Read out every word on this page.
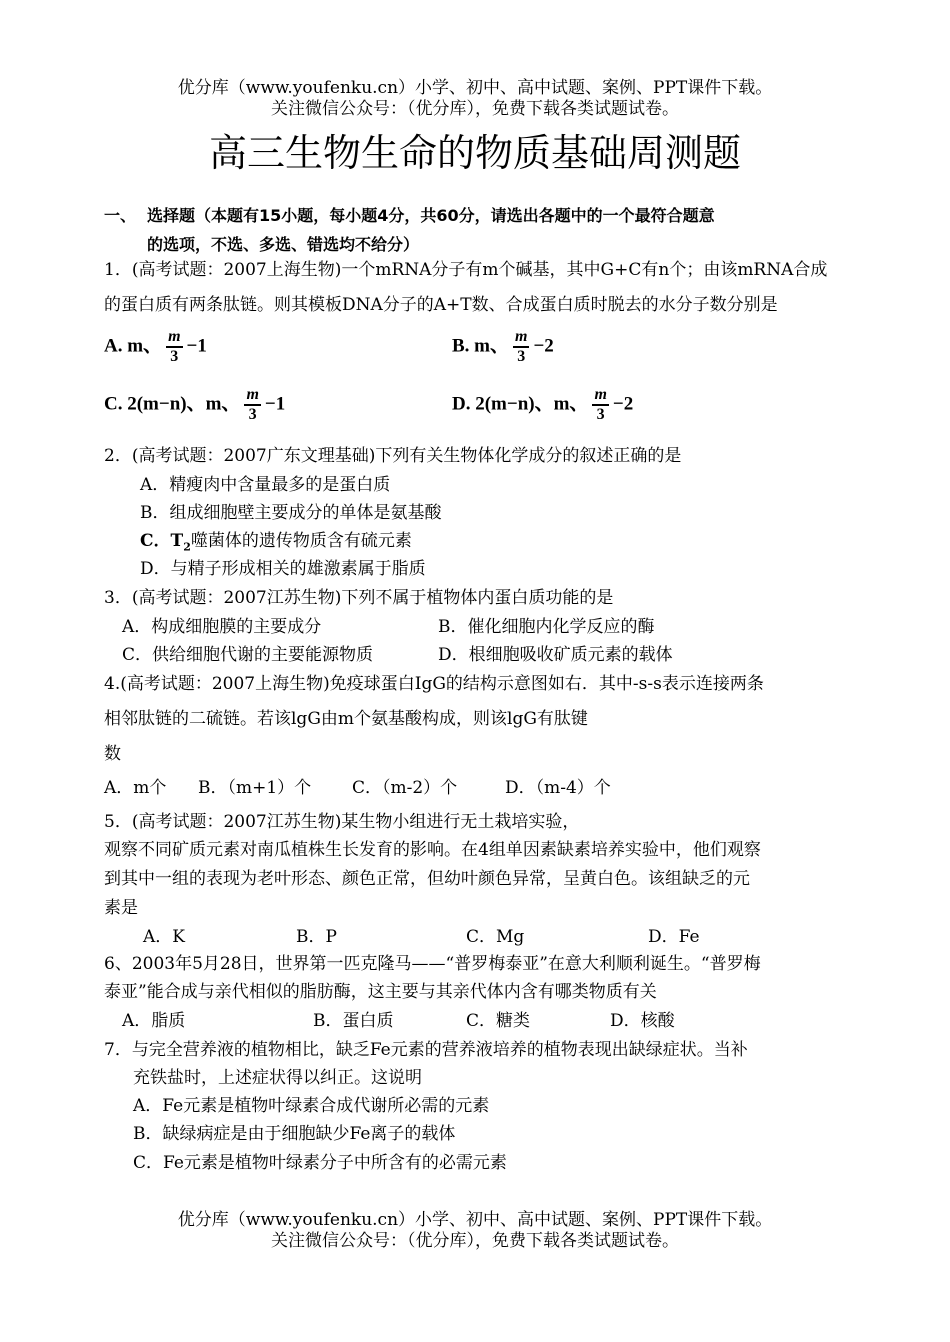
优分库（www.youfenku.cn）小学、初中、高中试题、案例、PPT课件下载。
关注微信公众号：（优分库），免费下载各类试题试卷。
高三生物生命的物质基础周测题
一、 选择题（本题有15小题，每小题4分，共60分，请选出各题中的一个最符合题意
的选项，不选、多选、错选均不给分）
1．(高考试题：2007上海生物)一个mRNA分子有m个碱基，其中G+C有n个；由该mRNA合成
的蛋白质有两条肽链。则其模板DNA分子的A+T数、合成蛋白质时脱去的水分子数分别是
A. m、 $\frac{m}{3} -1$	B. m、 $\frac{m}{3} -2$
C. 2(m−n)、m、 $\frac{m}{3} -1$	D. 2(m−n)、m、 $\frac{m}{3} -2$
2．(高考试题：2007广东文理基础)下列有关生物体化学成分的叙述正确的是
A．精瘦肉中含量最多的是蛋白质
B．组成细胞壁主要成分的单体是氨基酸
C．$T_2$噬菌体的遗传物质含有硫元素
D．与精子形成相关的雄激素属于脂质
3．(高考试题：2007江苏生物)下列不属于植物体内蛋白质功能的是
A．构成细胞膜的主要成分	B．催化细胞内化学反应的酶
C．供给细胞代谢的主要能源物质	D．根细胞吸收矿质元素的载体
4.(高考试题：2007上海生物)免疫球蛋白IgG的结构示意图如右．其中-s-s表示连接两条
相邻肽链的二硫链。若该lgG由m个氨基酸构成，则该lgG有肽键
数
A．m个 B．（m+1）个 C．（m-2）个	D．（m-4）个
5．(高考试题：2007江苏生物)某生物小组进行无土栽培实验，
观察不同矿质元素对南瓜植株生长发育的影响。在4组单因素缺素培养实验中，他们观察
到其中一组的表现为老叶形态、颜色正常，但幼叶颜色异常，呈黄白色。该组缺乏的元
素是
A．K	B．P	C．Mg	D．Fe
6、2003年5月28日，世界第一匹克隆马——“普罗梅泰亚”在意大利顺利诞生。“普罗梅
泰亚”能合成与亲代相似的脂肪酶，这主要与其亲代体内含有哪类物质有关
A．脂质	B．蛋白质	C．糖类	D．核酸
7．与完全营养液的植物相比，缺乏Fe元素的营养液培养的植物表现出缺绿症状。当补
充铁盐时，上述症状得以纠正。这说明
A．Fe元素是植物叶绿素合成代谢所必需的元素
B．缺绿病症是由于细胞缺少Fe离子的载体
C．Fe元素是植物叶绿素分子中所含有的必需元素
优分库（www.youfenku.cn）小学、初中、高中试题、案例、PPT课件下载。
关注微信公众号：（优分库），免费下载各类试题试卷。
